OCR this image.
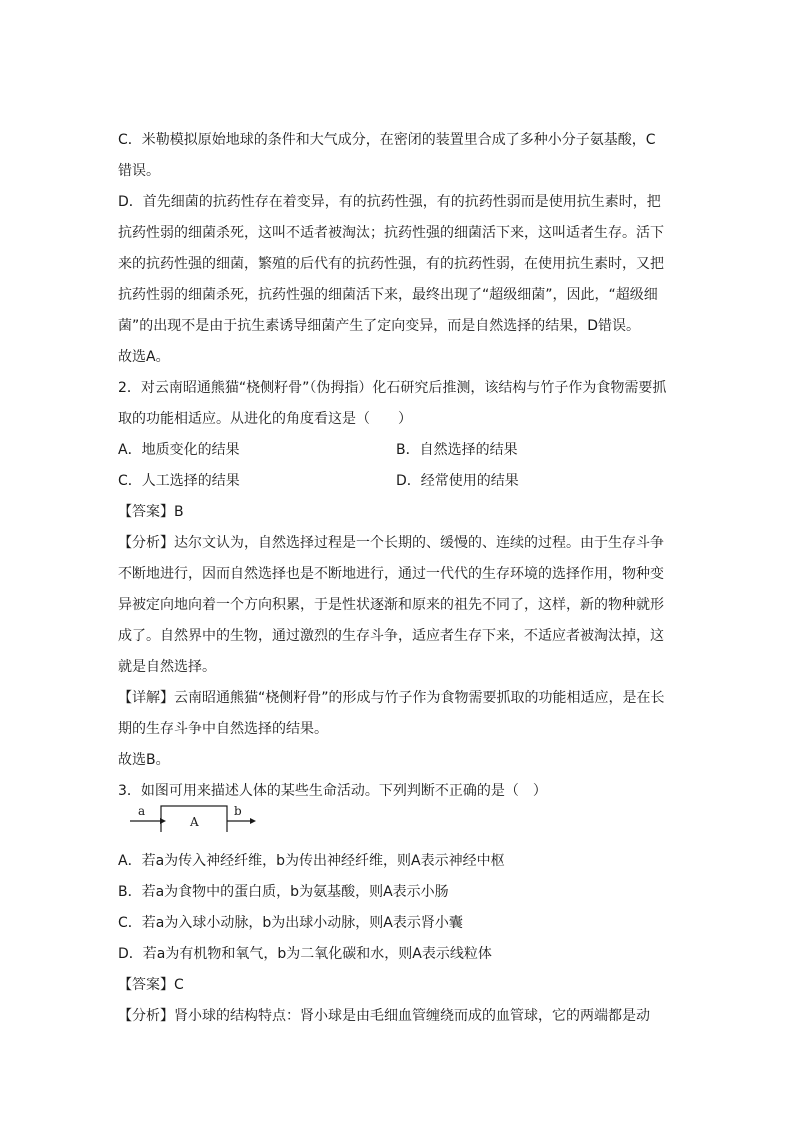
C．米勒模拟原始地球的条件和大气成分，在密闭的装置里合成了多种小分子氨基酸，C
错误。
D．首先细菌的抗药性存在着变异，有的抗药性强，有的抗药性弱而是使用抗生素时，把
抗药性弱的细菌杀死，这叫不适者被淘汰；抗药性强的细菌活下来，这叫适者生存。活下
来的抗药性强的细菌，繁殖的后代有的抗药性强，有的抗药性弱，在使用抗生素时，又把
抗药性弱的细菌杀死，抗药性强的细菌活下来，最终出现了“超级细菌”，因此，“超级细
菌”的出现不是由于抗生素诱导细菌产生了定向变异，而是自然选择的结果，D错误。
故选A。
2．对云南昭通熊猫“桡侧籽骨”（伪拇指）化石研究后推测，该结构与竹子作为食物需要抓
取的功能相适应。从进化的角度看这是（　　）
A．地质变化的结果	B．自然选择的结果
C．人工选择的结果	D．经常使用的结果
【答案】B
【分析】达尔文认为，自然选择过程是一个长期的、缓慢的、连续的过程。由于生存斗争
不断地进行，因而自然选择也是不断地进行，通过一代代的生存环境的选择作用，物种变
异被定向地向着一个方向积累，于是性状逐渐和原来的祖先不同了，这样，新的物种就形
成了。自然界中的生物，通过激烈的生存斗争，适应者生存下来，不适应者被淘汰掉，这
就是自然选择。
【详解】云南昭通熊猫“桡侧籽骨”的形成与竹子作为食物需要抓取的功能相适应，是在长
期的生存斗争中自然选择的结果。
故选B。
3．如图可用来描述人体的某些生命活动。下列判断不正确的是（　）
a
A
b
A．若a为传入神经纤维，b为传出神经纤维，则A表示神经中枢
B．若a为食物中的蛋白质，b为氨基酸，则A表示小肠
C．若a为入球小动脉，b为出球小动脉，则A表示肾小囊
D．若a为有机物和氧气，b为二氧化碳和水，则A表示线粒体
【答案】C
【分析】肾小球的结构特点：肾小球是由毛细血管缠绕而成的血管球，它的两端都是动
